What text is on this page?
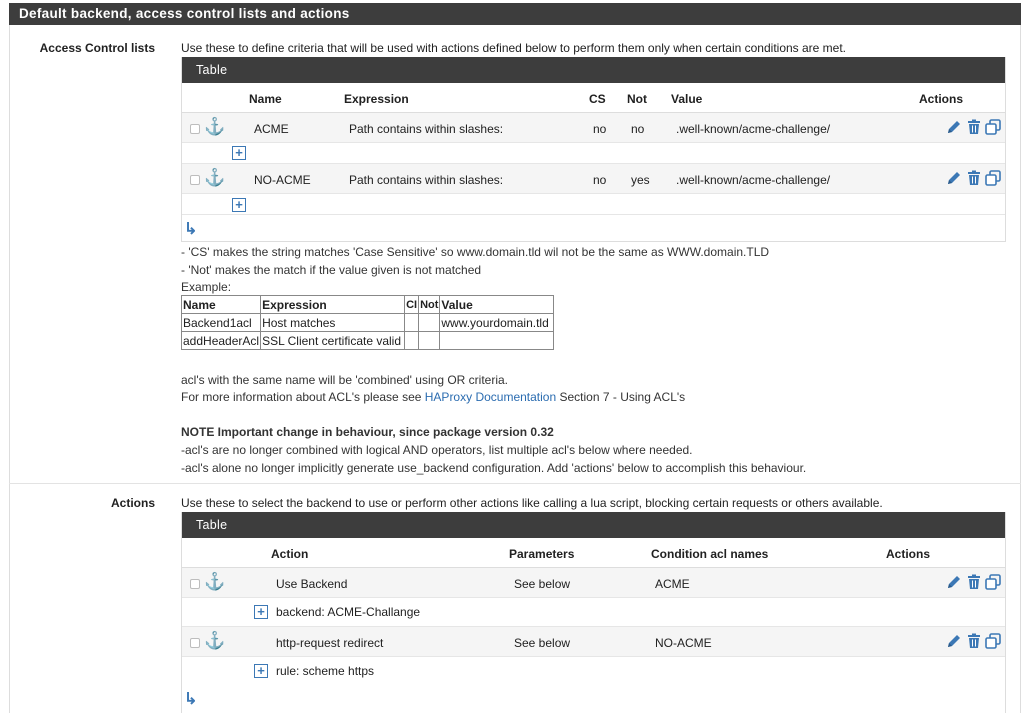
Default backend, access control lists and actions
Access Control lists Use these to define criteria that will be used with actions defined below to perform them only when certain conditions are met.
Table
Name	Expression	CS Not Value	Actions
⚓ ACME	Path contains within slashes:	no no	.well-known/acme-challenge/

+
⚓ NO-ACME	Path contains within slashes:	no yes .well-known/acme-challenge/

+
↳
- 'CS' makes the string matches 'Case Sensitive' so www.domain.tld wil not be the same as WWW.domain.TLD
- 'Not' makes the match if the value given is not matched
Example:
Name	Expression	CI	Not	Value
Backend1acl	Host matches			www.yourdomain.tld
addHeaderAcl	SSL Client certificate valid			
acl's with the same name will be 'combined' using OR criteria.
For more information about ACL's please see HAProxy Documentation Section 7 - Using ACL's
NOTE Important change in behaviour, since package version 0.32
-acl's are no longer combined with logical AND operators, list multiple acl's below where needed.
-acl's alone no longer implicitly generate use_backend configuration. Add 'actions' below to accomplish this behaviour.
Actions Use these to select the backend to use or perform other actions like calling a lua script, blocking certain requests or others available.
Table
Action	Parameters	Condition acl names	Actions
⚓	Use Backend	See below	ACME

+
backend: ACME-Challange
⚓	http-request redirect	See below	NO-ACME

+
rule: scheme https
↳
